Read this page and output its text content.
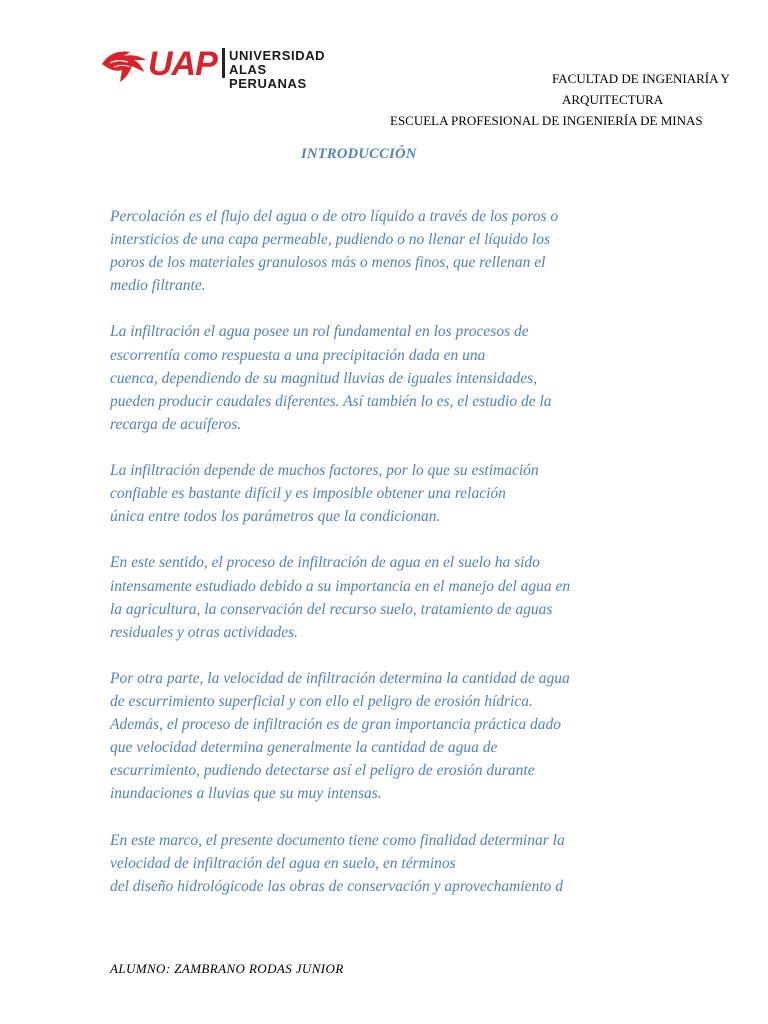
UAP UNIVERSIDAD
ALAS PERUANAS	FACULTAD DE INGENIARÍA Y
ARQUITECTURA
ESCUELA PROFESIONAL DE INGENIERÍA DE MINAS
INTRODUCCIÓN

Percolación es el flujo del agua o de otro líquido a través de los poros o
intersticios de una capa permeable, pudiendo o no llenar el líquido los
poros de los materiales granulosos más o menos finos, que rellenan el
medio filtrante.

La infiltración el agua posee un rol fundamental en los procesos de
escorrentía como respuesta a una precipitación dada en una
cuenca, dependiendo de su magnitud lluvias de iguales intensidades,
pueden producir caudales diferentes. Así también lo es, el estudio de la
recarga de acuíferos.

La infiltración depende de muchos factores, por lo que su estimación
confiable es bastante difícil y es imposible obtener una relación
única entre todos los parámetros que la condicionan.

En este sentido, el proceso de infiltración de agua en el suelo ha sido
intensamente estudiado debido a su importancia en el manejo del agua en
la agricultura, la conservación del recurso suelo, tratamiento de aguas
residuales y otras actividades.

Por otra parte, la velocidad de infiltración determina la cantidad de agua
de escurrimiento superficial y con ello el peligro de erosión hídrica.
Además, el proceso de infiltración es de gran importancia práctica dado
que velocidad determina generalmente la cantidad de agua de
escurrimiento, pudiendo detectarse así el peligro de erosión durante
inundaciones a lluvias que su muy intensas.

En este marco, el presente documento tiene como finalidad determinar la
velocidad de infiltración del agua en suelo, en términos
del diseño hidrológicode las obras de conservación y aprovechamiento d

ALUMNO: ZAMBRANO RODAS JUNIOR
